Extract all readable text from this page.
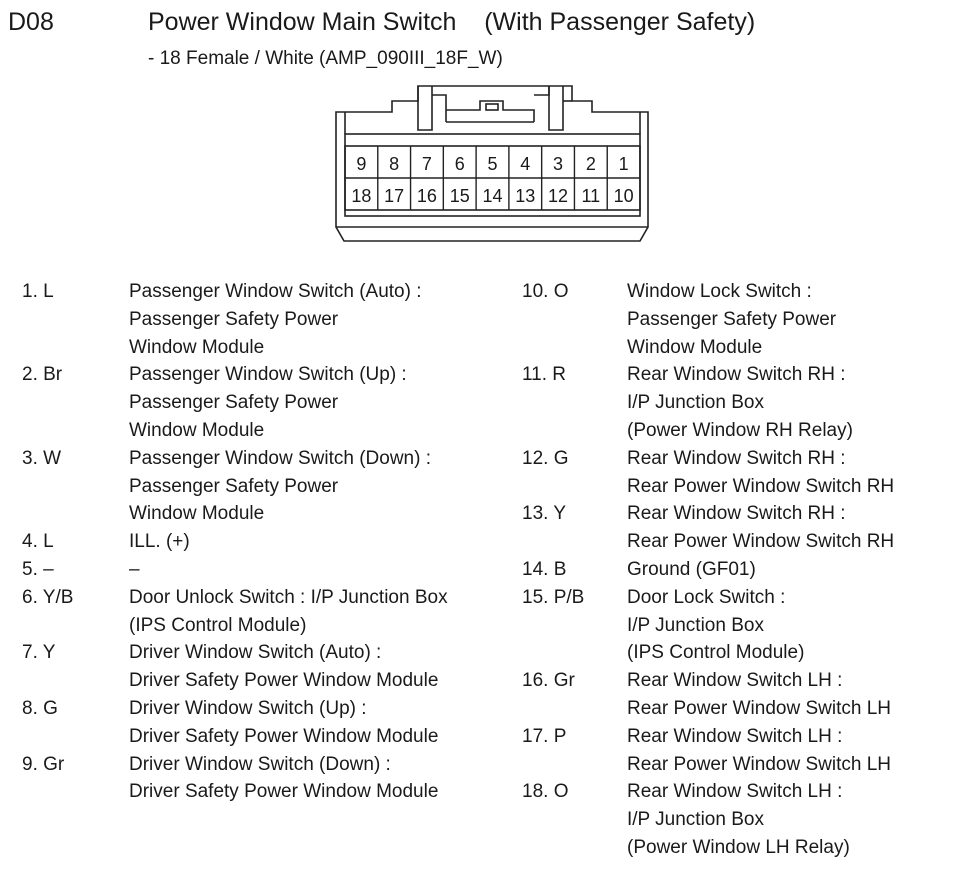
D08	Power Window Main Switch    (With Passenger Safety)
- 18 Female / White (AMP_090III_18F_W)
9 8 7 6 5 4 3 2 1
18 17 16 15 14 13 12 11 10
1. L	Passenger Window Switch (Auto) :
Passenger Safety Power
Window Module
2. Br	Passenger Window Switch (Up) :
Passenger Safety Power
Window Module
3. W	Passenger Window Switch (Down) :
Passenger Safety Power
Window Module
4. L	ILL. (+)
5. –	–
6. Y/B	Door Unlock Switch : I/P Junction Box
(IPS Control Module)
7. Y	Driver Window Switch (Auto) :
Driver Safety Power Window Module
8. G	Driver Window Switch (Up) :
Driver Safety Power Window Module
9. Gr	Driver Window Switch (Down) :
Driver Safety Power Window Module
10. O	Window Lock Switch :
Passenger Safety Power
Window Module
11. R	Rear Window Switch RH :
I/P Junction Box
(Power Window RH Relay)
12. G	Rear Window Switch RH :
Rear Power Window Switch RH
13. Y	Rear Window Switch RH :
Rear Power Window Switch RH
14. B	Ground (GF01)
15. P/B	Door Lock Switch :
I/P Junction Box
(IPS Control Module)
16. Gr	Rear Window Switch LH :
Rear Power Window Switch LH
17. P	Rear Window Switch LH :
Rear Power Window Switch LH
18. O	Rear Window Switch LH :
I/P Junction Box
(Power Window LH Relay)
